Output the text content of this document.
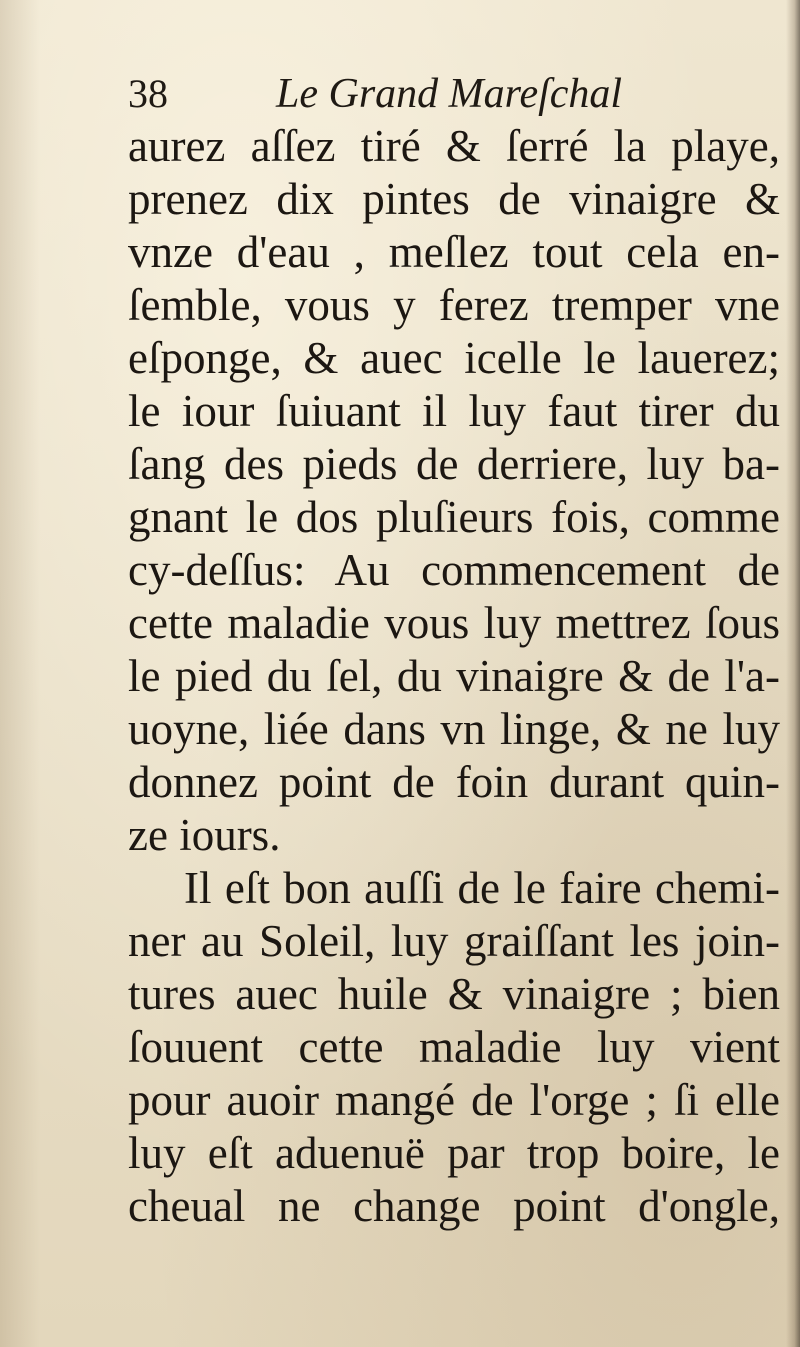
38	Le Grand Mareſchal
aurez aſſez tiré & ſerré la playe,
prenez dix pintes de vinaigre &
vnze d'eau , meſlez tout cela en-
ſemble, vous y ferez tremper vne
eſponge, & auec icelle le lauerez;
le iour ſuiuant il luy faut tirer du
ſang des pieds de derriere, luy ba-
gnant le dos pluſieurs fois, comme
cy-deſſus: Au commencement de
cette maladie vous luy mettrez ſous
le pied du ſel, du vinaigre & de l'a-
uoyne, liée dans vn linge, & ne luy
donnez point de foin durant quin-
ze iours.
Il eſt bon auſſi de le faire chemi-
ner au Soleil, luy graiſſant les join-
tures auec huile & vinaigre ; bien
ſouuent cette maladie luy vient
pour auoir mangé de l'orge ; ſi elle
luy eſt aduenuë par trop boire, le
cheual ne change point d'ongle,
